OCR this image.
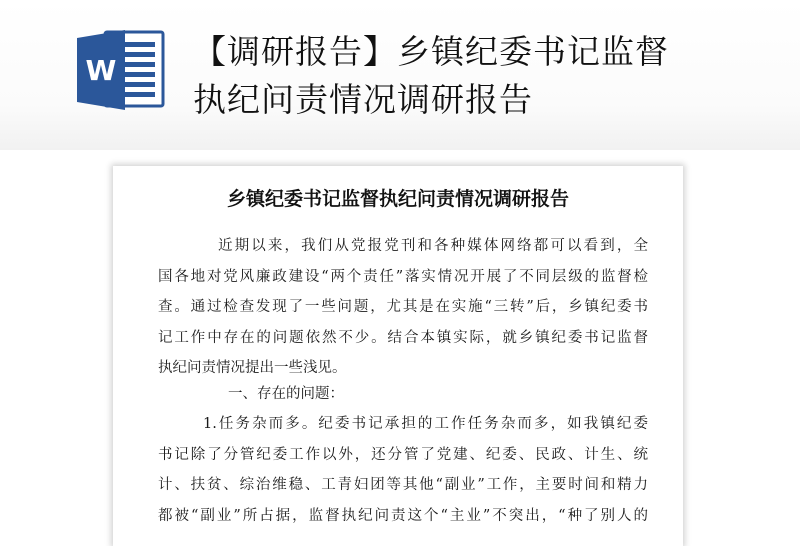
W 【调研报告】乡镇纪委书记监督
执纪问责情况调研报告
乡镇纪委书记监督执纪问责情况调研报告
近期以来，我们从党报党刊和各种媒体网络都可以看到，全
国各地对党风廉政建设“两个责任”落实情况开展了不同层级的监督检
查。通过检查发现了一些问题，尤其是在实施“三转”后，乡镇纪委书
记工作中存在的问题依然不少。结合本镇实际，就乡镇纪委书记监督
执纪问责情况提出一些浅见。
一、存在的问题：
1.任务杂而多。纪委书记承担的工作任务杂而多，如我镇纪委
书记除了分管纪委工作以外，还分管了党建、纪委、民政、计生、统
计、扶贫、综治维稳、工青妇团等其他“副业”工作，主要时间和精力
都被“副业”所占据，监督执纪问责这个“主业”不突出，“种了别人的
